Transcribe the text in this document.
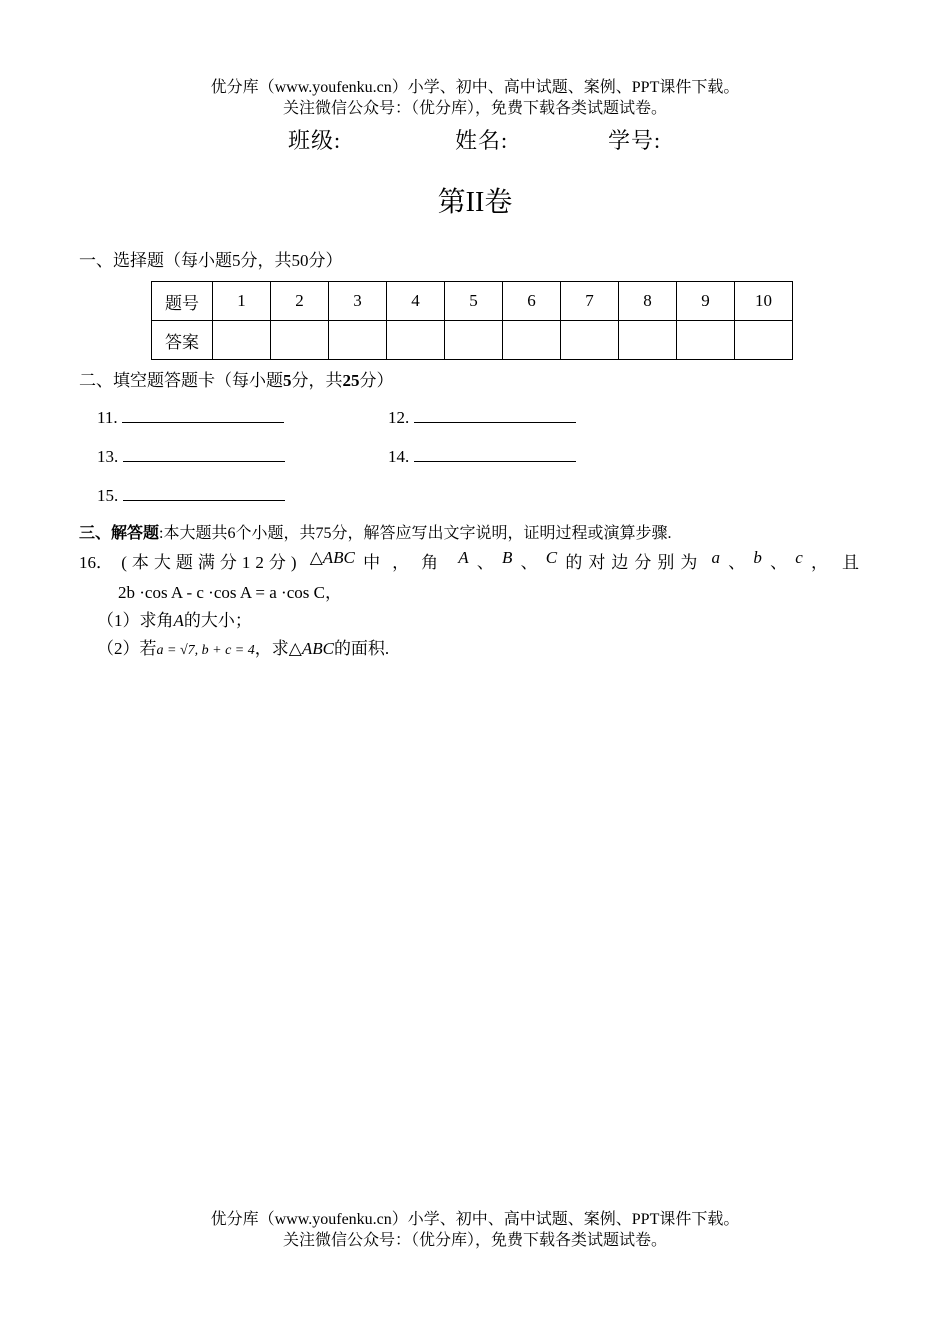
优分库（www.youfenku.cn）小学、初中、高中试题、案例、PPT课件下载。
关注微信公众号：（优分库），免费下载各类试题试卷。
班级:	姓名:	学号:
第II卷
一、选择题（每小题5分，共50分）
题号	1	2	3	4	5	6	7	8	9	10
答案										
二、填空题答题卡（每小题5分，共25分）
11.	12.
13.	14.
15.
三、解答题:本大题共6个小题，共75分，解答应写出文字说明，证明过程或演算步骤.
16． (本大题满分12分) △ABC 中，角 A 、 B 、 C 的对边分别为 a 、 b 、 c ，且
2b ·cos A - c ·cos A = a ·cos C，
（1）求角A的大小；
（2）若a = √7, b + c = 4，求△ABC的面积.
优分库（www.youfenku.cn）小学、初中、高中试题、案例、PPT课件下载。
关注微信公众号：（优分库），免费下载各类试题试卷。
